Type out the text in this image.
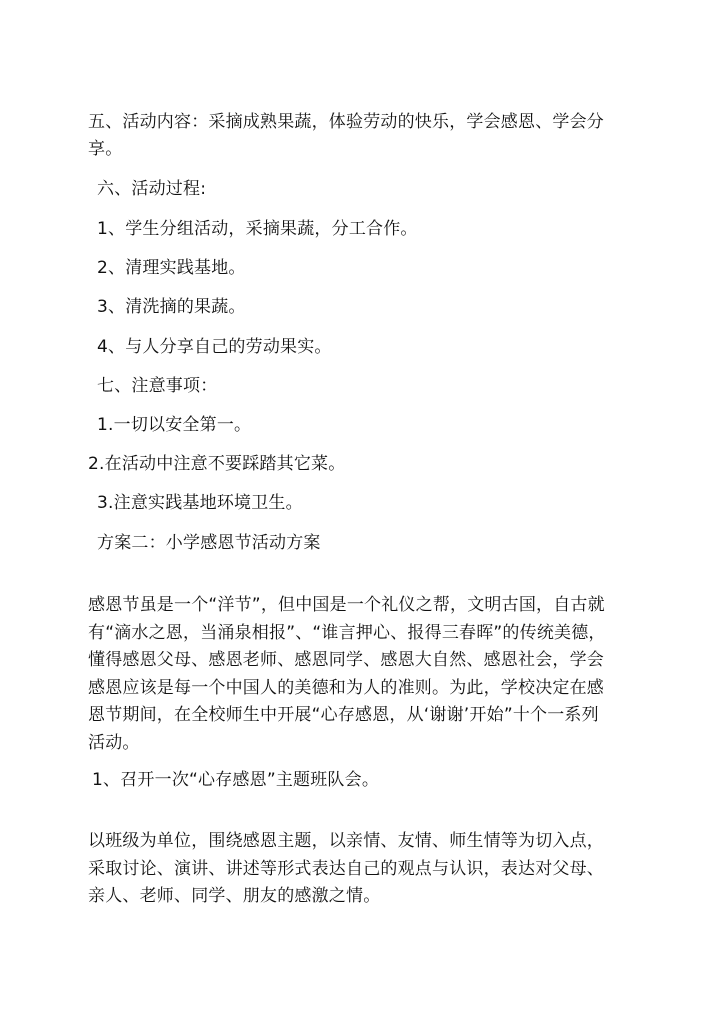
五、活动内容：采摘成熟果蔬，体验劳动的快乐，学会感恩、学会分
享。
六、活动过程:
1、学生分组活动，采摘果蔬，分工合作。
2、清理实践基地。
3、清洗摘的果蔬。
4、与人分享自己的劳动果实。
七、注意事项：
1.一切以安全第一。
2.在活动中注意不要踩踏其它菜。
3.注意实践基地环境卫生。
方案二：小学感恩节活动方案
感恩节虽是一个“洋节”，但中国是一个礼仪之帮，文明古国，自古就
有“滴水之恩，当涌泉相报”、“谁言押心、报得三春晖”的传统美德，
懂得感恩父母、感恩老师、感恩同学、感恩大自然、感恩社会，学会
感恩应该是每一个中国人的美德和为人的准则。为此，学校决定在感
恩节期间，在全校师生中开展“心存感恩，从‘谢谢’开始”十个一系列
活动。
1、召开一次“心存感恩”主题班队会。
以班级为单位，围绕感恩主题，以亲情、友情、师生情等为切入点，
采取讨论、演讲、讲述等形式表达自己的观点与认识，表达对父母、
亲人、老师、同学、朋友的感激之情。
